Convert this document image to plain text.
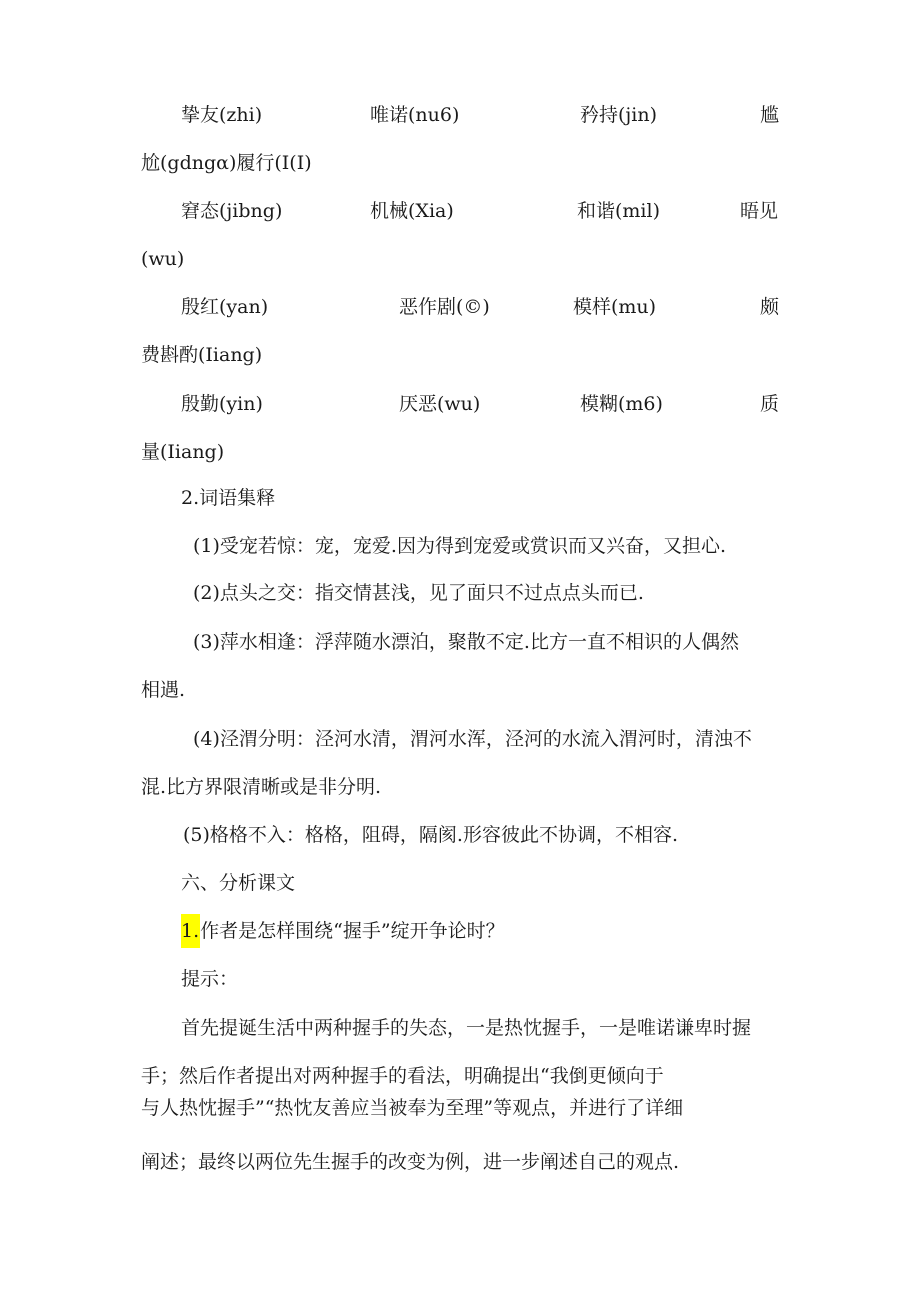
挚友(zhi)	唯诺(nu6)	矜持(jin)	尴
尬(gdngα)履行(I(I)
窘态(jibng)	机械(Xia)	和谐(mil)	晤见
(wu)
殷红(yan)	恶作剧(©)	模样(mu)	颇
费斟酌(Iiang)
殷勤(yin)	厌恶(wu)	模糊(m6)	质
量(Iiang)
2.词语集释
(1)受宠若惊：宠，宠爱.因为得到宠爱或赏识而又兴奋，又担心.
(2)点头之交：指交情甚浅，见了面只不过点点头而已.
(3)萍水相逢：浮萍随水漂泊，聚散不定.比方一直不相识的人偶然
相遇.
(4)泾渭分明：泾河水清，渭河水浑，泾河的水流入渭河时，清浊不
混.比方界限清晰或是非分明.
(5)格格不入：格格，阻碍，隔阂.形容彼此不协调，不相容.
六、分析课文
1.作者是怎样围绕“握手”绽开争论时？
提示：
首先提诞生活中两种握手的失态，一是热忱握手，一是唯诺谦卑时握
手；然后作者提出对两种握手的看法，明确提出“我倒更倾向于
与人热忱握手”“热忱友善应当被奉为至理”等观点，并进行了详细
阐述；最终以两位先生握手的改变为例，进一步阐述自己的观点.
